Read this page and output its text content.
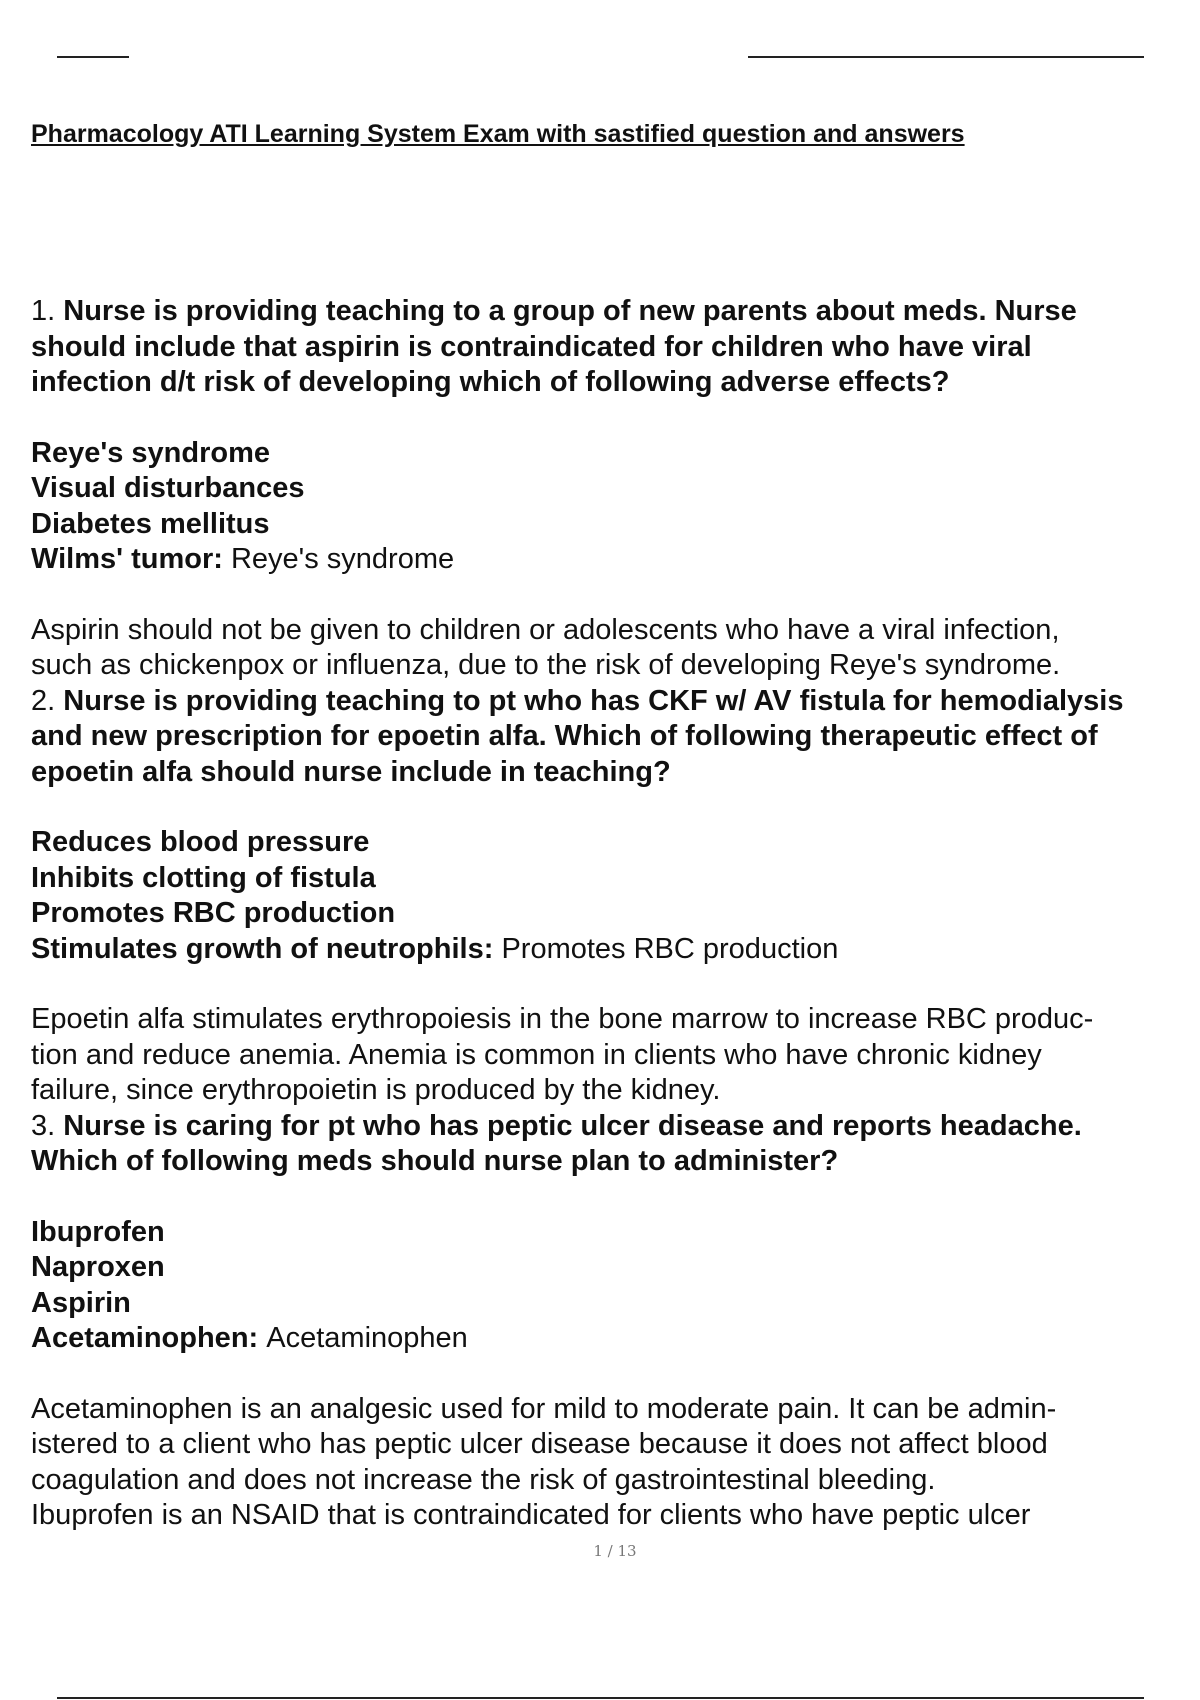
Pharmacology ATI Learning System Exam with sastified question and answers

1. Nurse is providing teaching to a group of new parents about meds. Nurse

should include that aspirin is contraindicated for children who have viral

infection d/t risk of developing which of following adverse effects?

Reye's syndrome

Visual disturbances

Diabetes mellitus

Wilms' tumor: Reye's syndrome

Aspirin should not be given to children or adolescents who have a viral infection,

such as chickenpox or influenza, due to the risk of developing Reye's syndrome.

2. Nurse is providing teaching to pt who has CKF w/ AV fistula for hemodialysis

and new prescription for epoetin alfa. Which of following therapeutic effect of

epoetin alfa should nurse include in teaching?

Reduces blood pressure

Inhibits clotting of fistula

Promotes RBC production

Stimulates growth of neutrophils: Promotes RBC production

Epoetin alfa stimulates erythropoiesis in the bone marrow to increase RBC produc-

tion and reduce anemia. Anemia is common in clients who have chronic kidney

failure, since erythropoietin is produced by the kidney.

3. Nurse is caring for pt who has peptic ulcer disease and reports headache.

Which of following meds should nurse plan to administer?

Ibuprofen

Naproxen

Aspirin

Acetaminophen: Acetaminophen

Acetaminophen is an analgesic used for mild to moderate pain. It can be admin-

istered to a client who has peptic ulcer disease because it does not affect blood

coagulation and does not increase the risk of gastrointestinal bleeding.

Ibuprofen is an NSAID that is contraindicated for clients who have peptic ulcer

1 / 13
